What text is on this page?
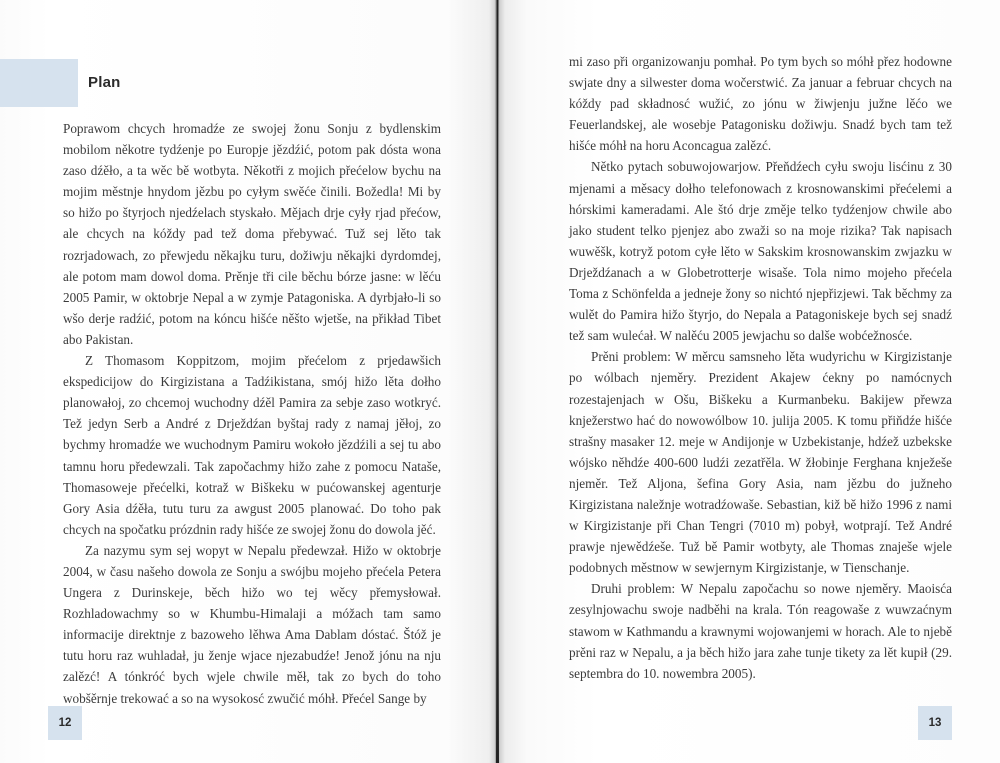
Plan

Poprawom chcych hromadźe ze swojej žonu Sonju z bydlenskim mobilom někotre tydźenje po Europje jězdźić, potom pak dósta wona zaso dźěło, a ta wěc bě wotbyta. Někotři z mojich přećelow bychu na mojim městnje hnydom jězbu po cyłym swěće činili. Božedla! Mi by so hižo po štyrjoch njedźelach styskało. Mějach drje cyły rjad přećow, ale chcych na kóždy pad tež doma přebywać. Tuž sej lěto tak rozrjadowach, zo přewjedu někajku turu, dožiwju někajki dyrdomdej, ale potom mam dowol doma. Prěnje tři cile běchu bórze jasne: w lěću 2005 Pamir, w oktobrje Nepal a w zymje Patagoniska. A dyrbjało-li so wšo derje radźić, potom na kóncu hišće něšto wjetše, na přikład Tibet abo Pakistan.

Z Thomasom Koppitzom, mojim přećelom z prjedawšich ekspedicijow do Kirgizistana a Tadźikistana, smój hižo lěta dołho planowałoj, zo chcemoj wuchodny dźěl Pamira za sebje zaso wotkryć. Tež jedyn Serb a André z Drježdźan byštaj rady z namaj jěłoj, zo bychmy hromadźe we wuchodnym Pamiru wokoło jězdźili a sej tu abo tamnu horu předewzali. Tak započachmy hižo zahe z pomocu Nataše, Thomasoweje přećelki, kotraž w Biškeku w pućowanskej agenturje Gory Asia dźěła, tutu turu za awgust 2005 planować. Do toho pak chcych na spočatku prózdnin rady hišće ze swojej žonu do dowola jěć.

Za nazymu sym sej wopyt w Nepalu předewzał. Hižo w oktobrje 2004, w času našeho dowola ze Sonju a swójbu mojeho přećela Petera Ungera z Durinskeje, běch hižo wo tej wěcy přemysłował. Rozhladowachmy so w Khumbu-Himalaji a móžach tam samo informacije direktnje z bazoweho lěhwa Ama Dablam dóstać. Štóž je tutu horu raz wuhladał, ju ženje wjace njezabudźe! Jenož jónu na nju zalězć! A tónkróć bych wjele chwile měł, tak zo bych do toho wobšěrnje trekować a so na wysokosć zwučić móhł. Přećel Sange by

12

mi zaso při organizowanju pomhał. Po tym bych so móhł přez hodowne swjate dny a silwester doma wočerstwić. Za januar a februar chcych na kóždy pad składnosć wužić, zo jónu w žiwjenju južne lěćo we Feuerlandskej, ale wosebje Patagonisku dožiwju. Snadź bych tam tež hišće móhł na horu Aconcagua zalězć.

Nětko pytach sobuwojowarjow. Přeňdźech cyłu swoju lisćinu z 30 mjenami a měsacy dołho telefonowach z krosnowanskimi přećelemi a hórskimi kameradami. Ale štó drje změje telko tydźenjow chwile abo jako student telko pjenjez abo zwaži so na moje rizika? Tak napisach wuwěšk, kotryž potom cyłe lěto w Sakskim krosnowanskim zwjazku w Drježdźanach a w Globetrotterje wisaše. Tola nimo mojeho přećela Toma z Schönfelda a jedneje žony so nichtó njepřizjewi. Tak běchmy za wulět do Pamira hižo štyrjo, do Nepala a Patagoniskeje bych sej snadź tež sam wulećał. W nalěću 2005 jewjachu so dalše wobćežnosće.

Prěni problem: W měrcu samsneho lěta wudyrichu w Kirgizistanje po wólbach njeměry. Prezident Akajew ćekny po namócnych rozestajenjach w Ošu, Biškeku a Kurmanbeku. Bakijew přewza knježerstwo hać do nowowólbow 10. julija 2005. K tomu přiňdźe hišće strašny masaker 12. meje w Andijonje w Uzbekistanje, hdźež uzbekske wójsko něhdźe 400-600 ludźi zezatřěla. W žłobinje Ferghana knježeše njeměr. Tež Aljona, šefina Gory Asia, nam jězbu do južneho Kirgizistana naležnje wotradźowaše. Sebastian, kiž bě hižo 1996 z nami w Kirgizistanje při Chan Tengri (7010 m) pobył, wotprají. Tež André prawje njewědźeše. Tuž bě Pamir wotbyty, ale Thomas znaješe wjele podobnych městnow w sewjernym Kirgizistanje, w Tienschanje.

Druhi problem: W Nepalu započachu so nowe njeměry. Maoisća zesylnjowachu swoje nadběhi na krala. Tón reagowaše z wuwzaćnym stawom w Kathmandu a krawnymi wojowanjemi w horach. Ale to njebě prěni raz w Nepalu, a ja běch hižo jara zahe tunje tikety za lět kupił (29. septembra do 10. nowembra 2005).

13
